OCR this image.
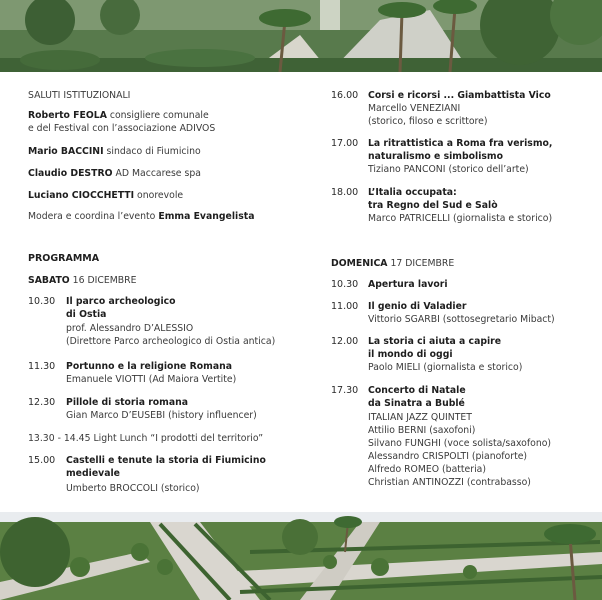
SALUTI ISTITUZIONALI
Roberto FEOLA consigliere comunale
e del Festival con l’associazione ADIVOS
Mario BACCINI sindaco di Fiumicino
Claudio DESTRO AD Maccarese spa
Luciano CIOCCHETTI onorevole
Modera e coordina l’evento Emma Evangelista
PROGRAMMA
SABATO 16 DICEMBRE
10.30 Il parco archeologico
di Ostia
prof. Alessandro D’ALESSIO
(Direttore Parco archeologico di Ostia antica)
11.30 Portunno e la religione Romana
Emanuele VIOTTI (Ad Maiora Vertite)
12.30 Pillole di storia romana
Gian Marco D’EUSEBI (history influencer)
13.30 - 14.45 Light Lunch “I prodotti del territorio”
15.00 Castelli e tenute la storia di Fiumicino
medievale
Umberto BROCCOLI (storico)
16.00 Corsi e ricorsi ... Giambattista Vico
Marcello VENEZIANI
(storico, filoso e scrittore)
17.00 La ritrattistica a Roma fra verismo,
naturalismo e simbolismo
Tiziano PANCONI (storico dell’arte)
18.00 L’Italia occupata:
tra Regno del Sud e Salò
Marco PATRICELLI (giornalista e storico)
DOMENICA 17 DICEMBRE
10.30 Apertura lavori
11.00 Il genio di Valadier
Vittorio SGARBI (sottosegretario Mibact)
12.00 La storia ci aiuta a capire
il mondo di oggi
Paolo MIELI (giornalista e storico)
17.30 Concerto di Natale
da Sinatra a Bublé
ITALIAN JAZZ QUINTET
Attilio BERNI (saxofoni)
Silvano FUNGHI (voce solista/saxofono)
Alessandro CRISPOLTI (pianoforte)
Alfredo ROMEO (batteria)
Christian ANTINOZZI (contrabasso)
